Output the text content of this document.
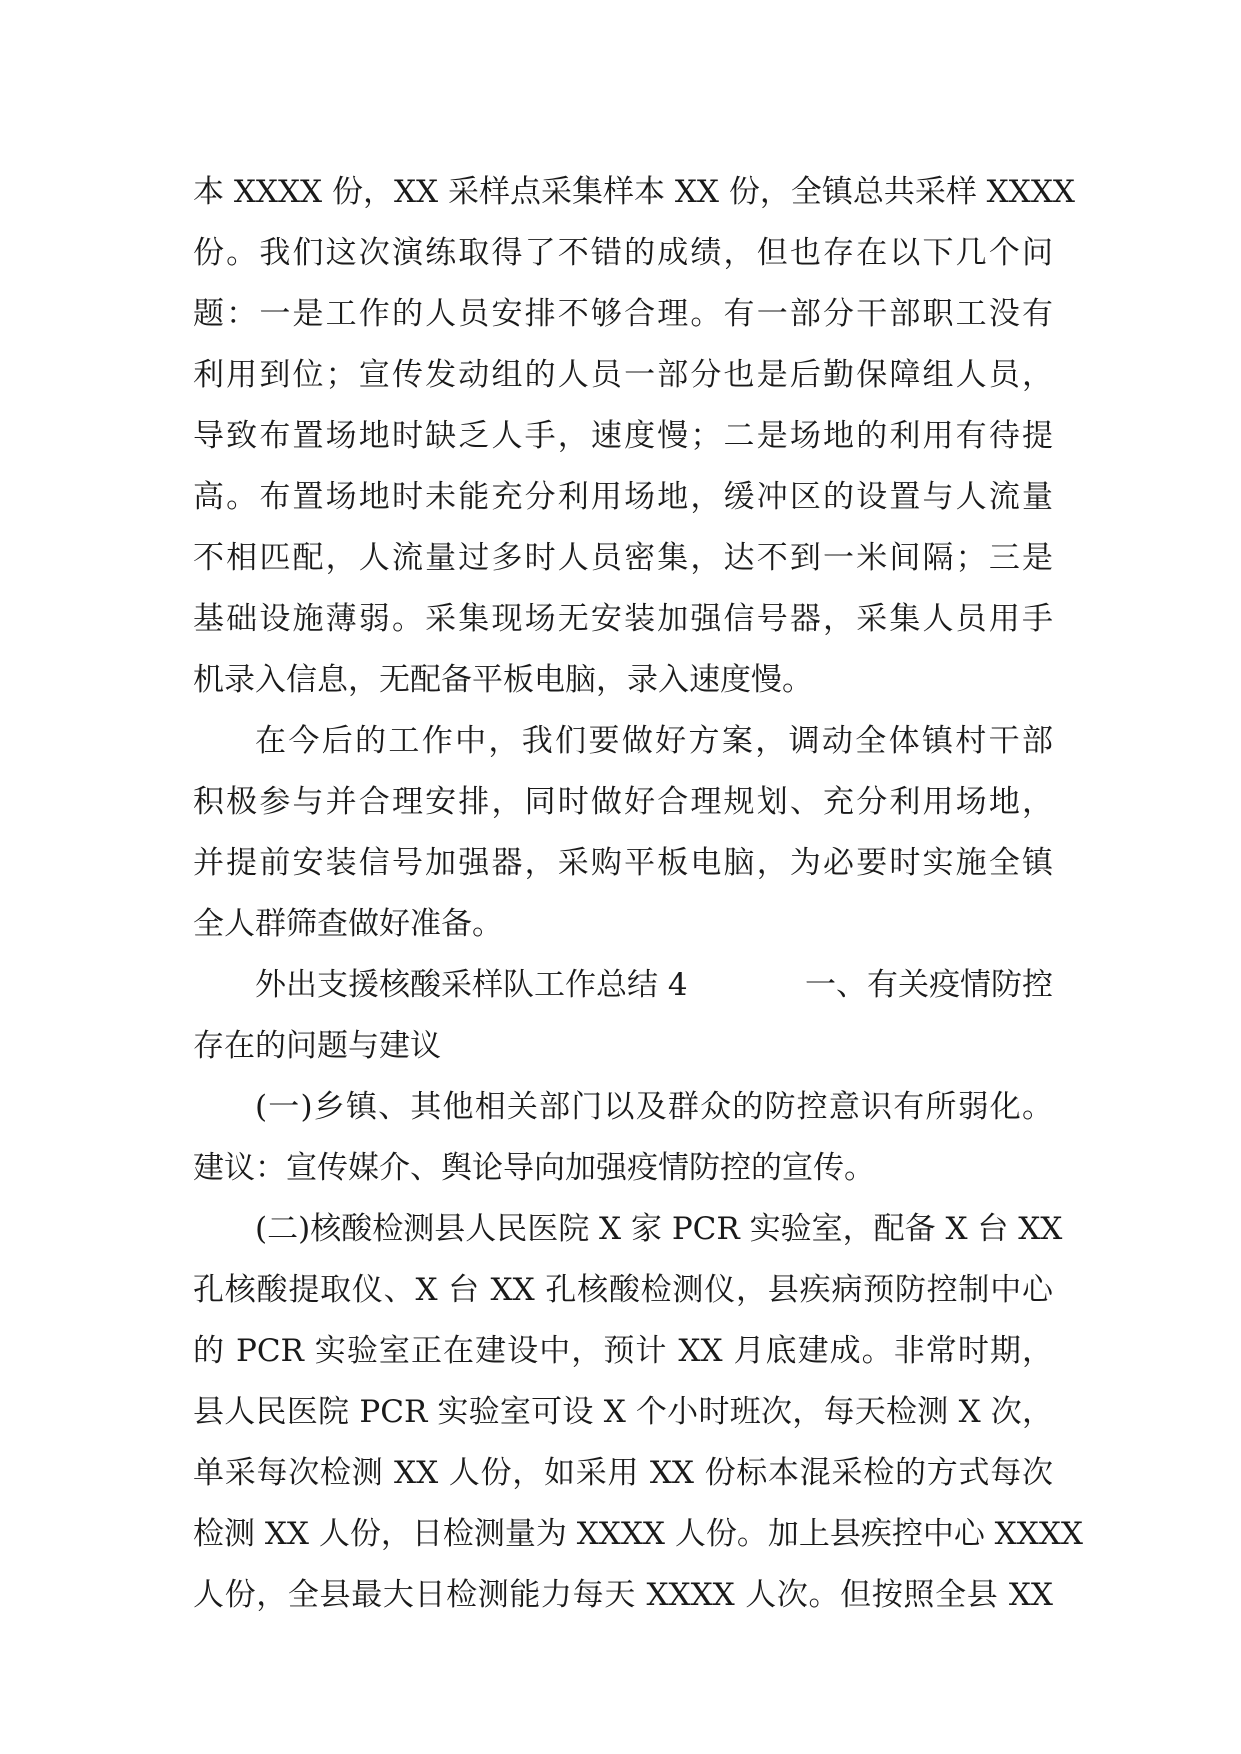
本 XXXX 份，XX 采样点采集样本 XX 份，全镇总共采样 XXXX
份。我们这次演练取得了不错的成绩，但也存在以下几个问
题：一是工作的人员安排不够合理。有一部分干部职工没有
利用到位；宣传发动组的人员一部分也是后勤保障组人员，
导致布置场地时缺乏人手，速度慢；二是场地的利用有待提
高。布置场地时未能充分利用场地，缓冲区的设置与人流量
不相匹配，人流量过多时人员密集，达不到一米间隔；三是
基础设施薄弱。采集现场无安装加强信号器，采集人员用手
机录入信息，无配备平板电脑，录入速度慢。
在今后的工作中，我们要做好方案，调动全体镇村干部
积极参与并合理安排，同时做好合理规划、充分利用场地，
并提前安装信号加强器，采购平板电脑，为必要时实施全镇
全人群筛查做好准备。
外出支援核酸采样队工作总结 4	一、有关疫情防控
存在的问题与建议
(一)乡镇、其他相关部门以及群众的防控意识有所弱化。
建议：宣传媒介、舆论导向加强疫情防控的宣传。
(二)核酸检测县人民医院 X 家 PCR 实验室，配备 X 台 XX
孔核酸提取仪、X 台 XX 孔核酸检测仪，县疾病预防控制中心
的 PCR 实验室正在建设中，预计 XX 月底建成。非常时期，
县人民医院 PCR 实验室可设 X 个小时班次，每天检测 X 次，
单采每次检测 XX 人份，如采用 XX 份标本混采检的方式每次
检测 XX 人份，日检测量为 XXXX 人份。加上县疾控中心 XXXX
人份，全县最大日检测能力每天 XXXX 人次。但按照全县 XX
